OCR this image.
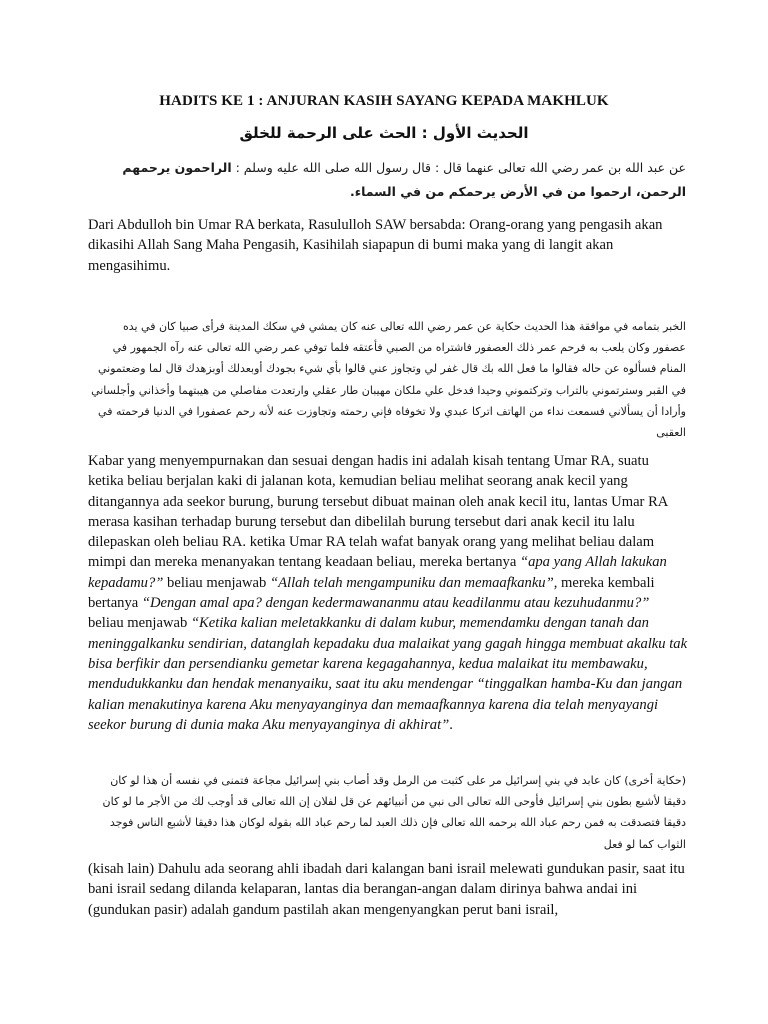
HADITS KE 1 : ANJURAN KASIH SAYANG KEPADA MAKHLUK
الحديث الأول : الحث على الرحمة للخلق
عن عبد الله بن عمر رضي الله تعالى عنهما قال : قال رسول الله صلى الله عليه وسلم : الراحمون يرحمهم الرحمن، ارحموا من في الأرض يرحمكم من في السماء.

Dari Abdulloh bin Umar RA berkata, Rasululloh SAW bersabda: Orang-orang yang pengasih akan dikasihi Allah Sang Maha Pengasih, Kasihilah siapapun di bumi maka yang di langit akan mengasihimu.

الخبر بتمامه في موافقة هذا الحديث حكاية عن عمر رضي الله تعالى عنه كان يمشي في سكك المدينة فرأى صبيا كان في يده عصفور وكان يلعب به فرحم عمر ذلك العصفور فاشتراه من الصبي فأعتقه فلما توفي عمر رضي الله تعالى عنه رآه الجمهور في المنام فسألوه عن حاله فقالوا ما فعل الله بك قال غفر لي وتجاوز عني قالوا بأي شيء بجودك أوبعدلك أوبزهدك قال لما وضعتموني في القبر وسترتموني بالتراب وتركتموني وحيدا فدخل علي ملكان مهيبان طار عقلي وارتعدت مفاصلي من هيبتهما وأخذاني وأجلساني وأرادا أن يسألاني فسمعت نداء من الهاتف اتركا عبدي ولا تخوفاه فإني رحمته وتجاوزت عنه لأنه رحم عصفورا في الدنيا فرحمته في العقبى

Kabar yang menyempurnakan dan sesuai dengan hadis ini adalah kisah tentang Umar RA, suatu ketika beliau berjalan kaki di jalanan kota, kemudian beliau melihat seorang anak kecil yang ditangannya ada seekor burung, burung tersebut dibuat mainan oleh anak kecil itu, lantas Umar RA merasa kasihan terhadap burung tersebut dan dibelilah burung tersebut dari anak kecil itu lalu dilepaskan oleh beliau RA. ketika Umar RA telah wafat banyak orang yang melihat beliau dalam mimpi dan mereka menanyakan tentang keadaan beliau, mereka bertanya “apa yang Allah lakukan kepadamu?” beliau menjawab “Allah telah mengampuniku dan memaafkanku”, mereka kembali bertanya “Dengan amal apa? dengan kedermawananmu atau keadilanmu atau kezuhudanmu?” beliau menjawab “Ketika kalian meletakkanku di dalam kubur, memendamku dengan tanah dan meninggalkanku sendirian, datanglah kepadaku dua malaikat yang gagah hingga membuat akalku tak bisa berfikir dan persendianku gemetar karena kegagahannya, kedua malaikat itu membawaku, mendudukkanku dan hendak menanyaiku, saat itu aku mendengar “tinggalkan hamba-Ku dan jangan kalian menakutinya karena Aku menyayanginya dan memaafkannya karena dia telah menyayangi seekor burung di dunia maka Aku menyayanginya di akhirat”.

(حكاية أخرى) كان عابد في بني إسرائيل مر على كثبت من الرمل وقد أصاب بني إسرائيل مجاعة فتمنى في نفسه أن هذا لو كان دقيقا لأشبع بطون بني إسرائيل فأوحى الله تعالى الى نبي من أنبيائهم عن قل لفلان إن الله تعالى قد أوجب لك من الأجر ما لو كان دقيقا فتصدقت به فمن رحم عباد الله برحمه الله تعالى فإن ذلك العبد لما رحم عباد الله بقوله لوكان هذا دقيقا لأشبع الناس فوجد الثواب كما لو فعل

(kisah lain) Dahulu ada seorang ahli ibadah dari kalangan bani israil melewati gundukan pasir, saat itu bani israil sedang dilanda kelaparan, lantas dia berangan-angan dalam dirinya bahwa andai ini (gundukan pasir) adalah gandum pastilah akan mengenyangkan perut bani israil,
